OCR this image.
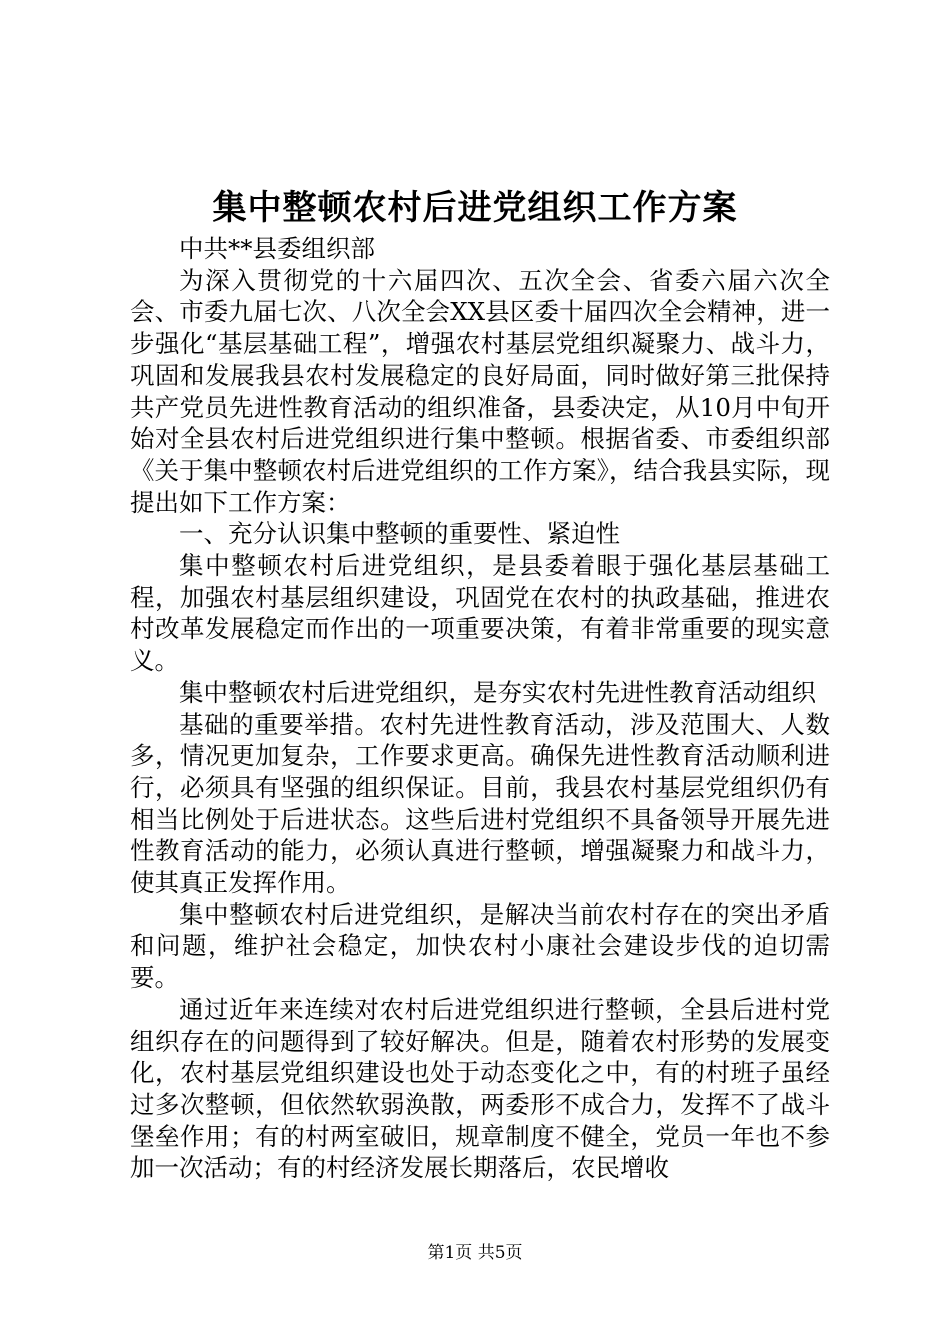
集中整顿农村后进党组织工作方案

中共**县委组织部

为深入贯彻党的十六届四次、五次全会、省委六届六次全会、市委九届七次、八次全会XX县区委十届四次全会精神，进一步强化“基层基础工程”，增强农村基层党组织凝聚力、战斗力，巩固和发展我县农村发展稳定的良好局面，同时做好第三批保持共产党员先进性教育活动的组织准备，县委决定，从10月中旬开始对全县农村后进党组织进行集中整顿。根据省委、市委组织部《关于集中整顿农村后进党组织的工作方案》，结合我县实际，现提出如下工作方案：

一、充分认识集中整顿的重要性、紧迫性

集中整顿农村后进党组织，是县委着眼于强化基层基础工程，加强农村基层组织建设，巩固党在农村的执政基础，推进农村改革发展稳定而作出的一项重要决策，有着非常重要的现实意义。

集中整顿农村后进党组织，是夯实农村先进性教育活动组织

基础的重要举措。农村先进性教育活动，涉及范围大、人数多，情况更加复杂，工作要求更高。确保先进性教育活动顺利进行，必须具有坚强的组织保证。目前，我县农村基层党组织仍有相当比例处于后进状态。这些后进村党组织不具备领导开展先进性教育活动的能力，必须认真进行整顿，增强凝聚力和战斗力，使其真正发挥作用。

集中整顿农村后进党组织，是解决当前农村存在的突出矛盾和问题，维护社会稳定，加快农村小康社会建设步伐的迫切需要。

通过近年来连续对农村后进党组织进行整顿，全县后进村党组织存在的问题得到了较好解决。但是，随着农村形势的发展变化，农村基层党组织建设也处于动态变化之中，有的村班子虽经过多次整顿，但依然软弱涣散，两委形不成合力，发挥不了战斗堡垒作用；有的村两室破旧，规章制度不健全，党员一年也不参加一次活动；有的村经济发展长期落后，农民增收

第1页 共5页
